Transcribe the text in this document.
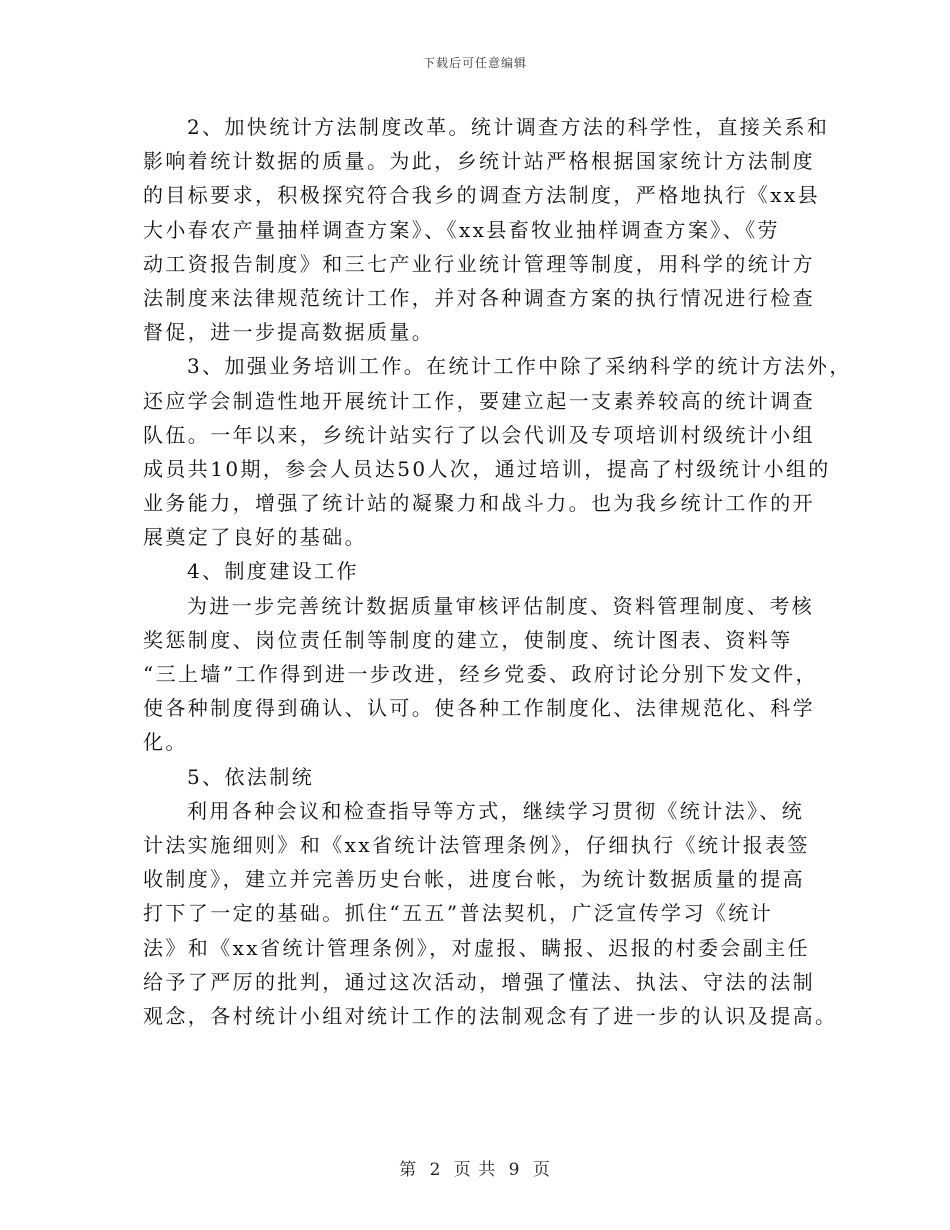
下载后可任意编辑
2、加快统计方法制度改革。统计调查方法的科学性，直接关系和
影响着统计数据的质量。为此，乡统计站严格根据国家统计方法制度
的目标要求，积极探究符合我乡的调查方法制度，严格地执行《xx县
大小春农产量抽样调查方案》、《xx县畜牧业抽样调查方案》、《劳
动工资报告制度》和三七产业行业统计管理等制度，用科学的统计方
法制度来法律规范统计工作，并对各种调查方案的执行情况进行检查
督促，进一步提高数据质量。
3、加强业务培训工作。在统计工作中除了采纳科学的统计方法外，
还应学会制造性地开展统计工作，要建立起一支素养较高的统计调查
队伍。一年以来，乡统计站实行了以会代训及专项培训村级统计小组
成员共10期，参会人员达50人次，通过培训，提高了村级统计小组的
业务能力，增强了统计站的凝聚力和战斗力。也为我乡统计工作的开
展奠定了良好的基础。
4、制度建设工作
为进一步完善统计数据质量审核评估制度、资料管理制度、考核
奖惩制度、岗位责任制等制度的建立，使制度、统计图表、资料等
“三上墙”工作得到进一步改进，经乡党委、政府讨论分别下发文件，
使各种制度得到确认、认可。使各种工作制度化、法律规范化、科学
化。
5、依法制统
利用各种会议和检查指导等方式，继续学习贯彻《统计法》、统
计法实施细则》和《xx省统计法管理条例》，仔细执行《统计报表签
收制度》，建立并完善历史台帐，进度台帐，为统计数据质量的提高
打下了一定的基础。抓住“五五”普法契机，广泛宣传学习《统计
法》和《xx省统计管理条例》，对虚报、瞒报、迟报的村委会副主任
给予了严厉的批判，通过这次活动，增强了懂法、执法、守法的法制
观念，各村统计小组对统计工作的法制观念有了进一步的认识及提高。
第 2 页 共 9 页
